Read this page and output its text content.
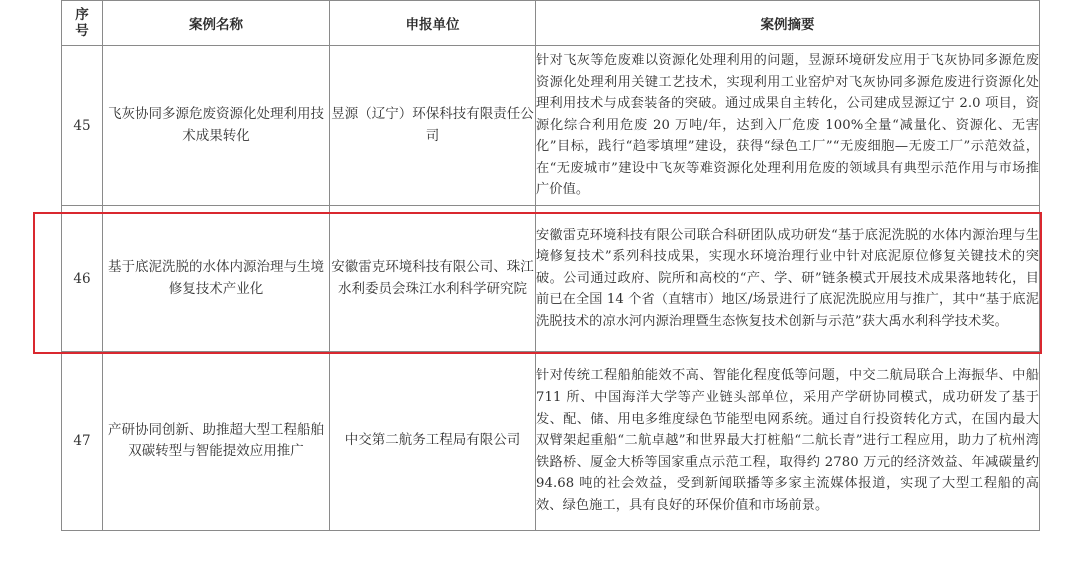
序号	案例名称	申报单位	案例摘要
45	飞灰协同多源危废资源化处理利用技术成果转化	昱源（辽宁）环保科技有限责任公司	针对飞灰等危废难以资源化处理利用的问题，昱源环境研发应用于飞灰协同多源危废资源化处理利用关键工艺技术，实现利用工业窑炉对飞灰协同多源危废进行资源化处理利用技术与成套装备的突破。通过成果自主转化，公司建成昱源辽宁 2.0 项目，资源化综合利用危废 20 万吨/年，达到入厂危废 100%全量“减量化、资源化、无害化”目标，践行“趋零填埋”建设，获得“绿色工厂”“无废细胞—无废工厂”示范效益，在“无废城市”建设中飞灰等难资源化处理利用危废的领域具有典型示范作用与市场推广价值。
46	基于底泥洗脱的水体内源治理与生境修复技术产业化	安徽雷克环境科技有限公司、珠江水利委员会珠江水利科学研究院	安徽雷克环境科技有限公司联合科研团队成功研发“基于底泥洗脱的水体内源治理与生境修复技术”系列科技成果，实现水环境治理行业中针对底泥原位修复关键技术的突破。公司通过政府、院所和高校的“产、学、研”链条模式开展技术成果落地转化，目前已在全国 14 个省（直辖市）地区/场景进行了底泥洗脱应用与推广，其中“基于底泥洗脱技术的凉水河内源治理暨生态恢复技术创新与示范”获大禹水利科学技术奖。
47	产研协同创新、助推超大型工程船舶双碳转型与智能提效应用推广	中交第二航务工程局有限公司	针对传统工程船舶能效不高、智能化程度低等问题，中交二航局联合上海振华、中船 711 所、中国海洋大学等产业链头部单位，采用产学研协同模式，成功研发了基于发、配、储、用电多维度绿色节能型电网系统。通过自行投资转化方式，在国内最大双臂架起重船“二航卓越”和世界最大打桩船“二航长青”进行工程应用，助力了杭州湾铁路桥、厦金大桥等国家重点示范工程，取得约 2780 万元的经济效益、年减碳量约 94.68 吨的社会效益，受到新闻联播等多家主流媒体报道，实现了大型工程船的高效、绿色施工，具有良好的环保价值和市场前景。
